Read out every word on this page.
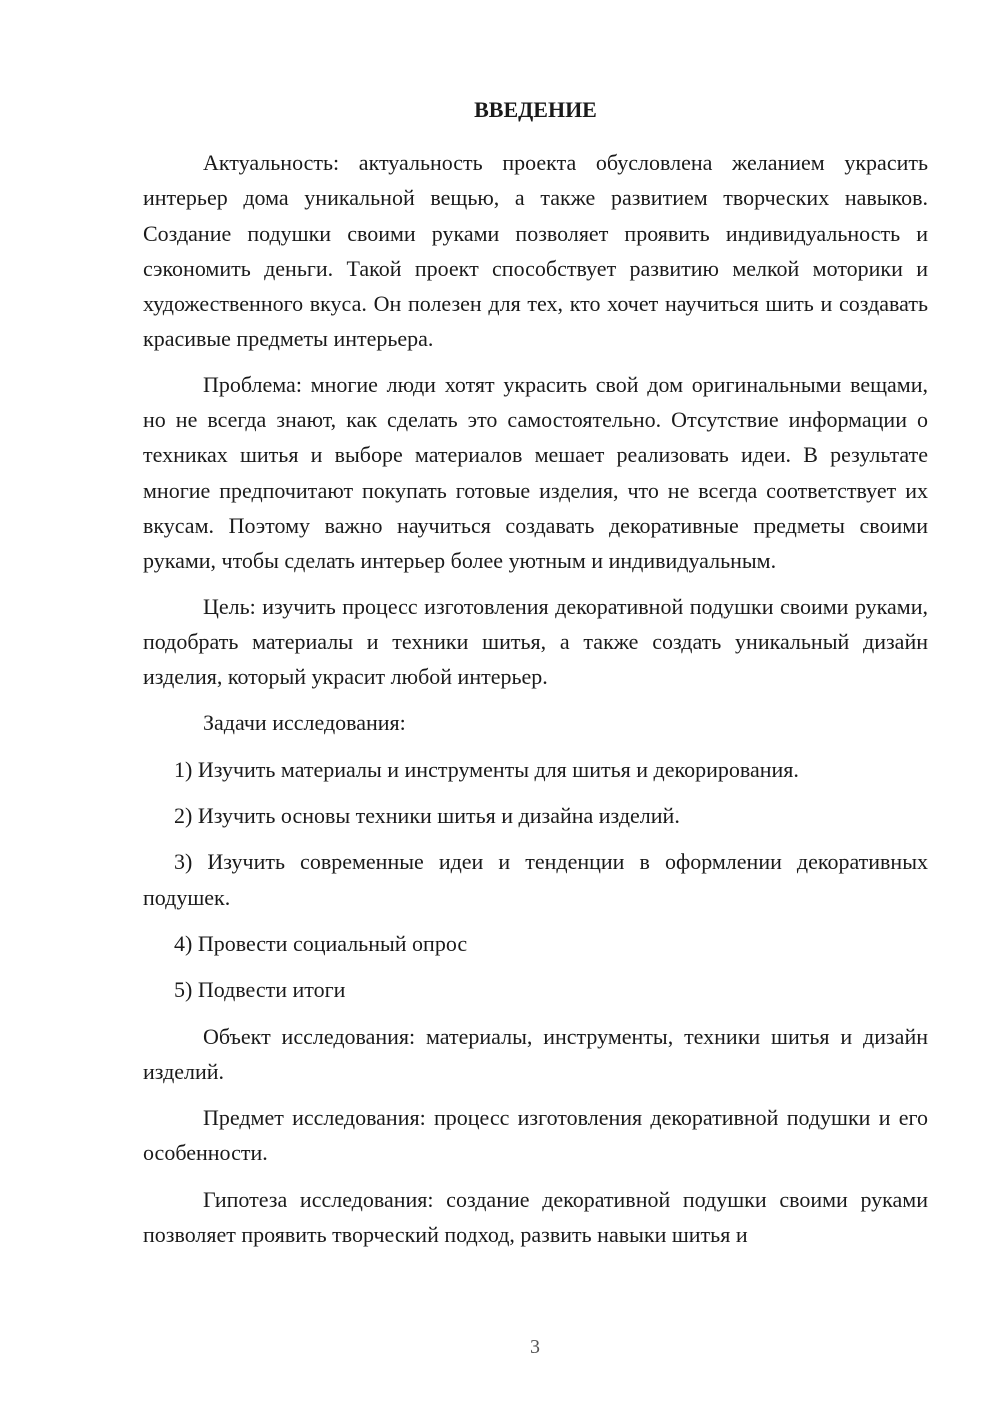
ВВЕДЕНИЕ

Актуальность: актуальность проекта обусловлена желанием украсить интерьер дома уникальной вещью, а также развитием творческих навыков. Создание подушки своими руками позволяет проявить индивидуальность и сэкономить деньги. Такой проект способствует развитию мелкой моторики и художественного вкуса. Он полезен для тех, кто хочет научиться шить и создавать красивые предметы интерьера.

Проблема: многие люди хотят украсить свой дом оригинальными вещами, но не всегда знают, как сделать это самостоятельно. Отсутствие информации о техниках шитья и выборе материалов мешает реализовать идеи. В результате многие предпочитают покупать готовые изделия, что не всегда соответствует их вкусам. Поэтому важно научиться создавать декоративные предметы своими руками, чтобы сделать интерьер более уютным и индивидуальным.

Цель: изучить процесс изготовления декоративной подушки своими руками, подобрать материалы и техники шитья, а также создать уникальный дизайн изделия, который украсит любой интерьер.

Задачи исследования:

1) Изучить материалы и инструменты для шитья и декорирования.

2) Изучить основы техники шитья и дизайна изделий.

3) Изучить современные идеи и тенденции в оформлении декоративных подушек.

4) Провести социальный опрос

5) Подвести итоги

Объект исследования: материалы, инструменты, техники шитья и дизайн изделий.

Предмет исследования: процесс изготовления декоративной подушки и его особенности.

Гипотеза исследования: создание декоративной подушки своими руками позволяет проявить творческий подход, развить навыки шитья и

3
